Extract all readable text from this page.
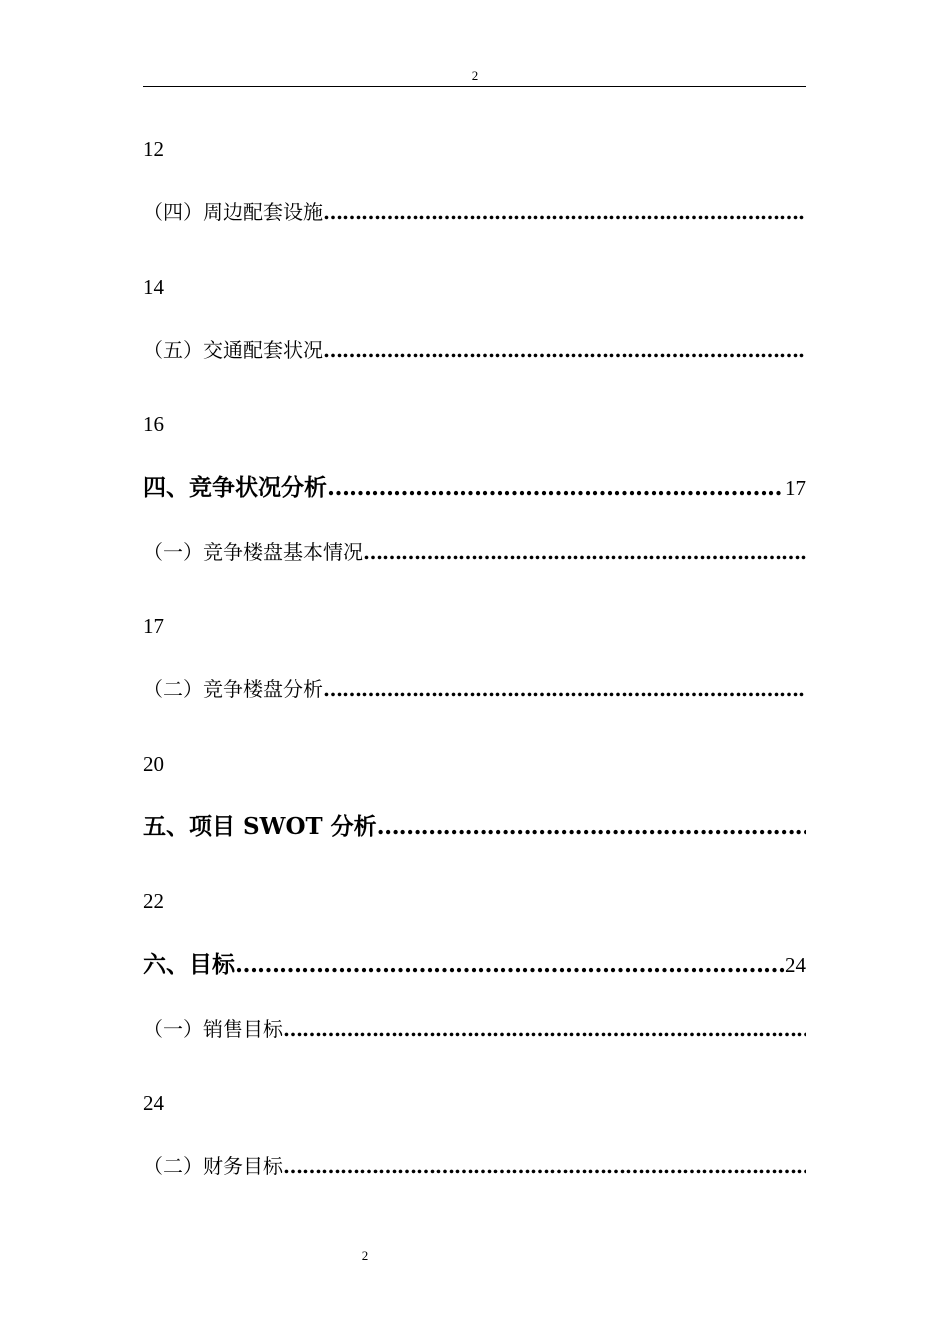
2
12
（四）周边配套设施
…………………………………………………………………………………………………………………………
14
（五）交通配套状况
…………………………………………………………………………………………………………………………
16
四、竞争状况分析 …………………………………………………………………………………………………………………………	17
（一）竞争楼盘基本情况
…………………………………………………………………………………………………………………………
17
（二）竞争楼盘分析
…………………………………………………………………………………………………………………………
20
五、项目 SWOT 分析
…………………………………………………………………………………………………………………………
22
六、目标 …………………………………………………………………………………………………………………………	24
（一）销售目标
…………………………………………………………………………………………………………………………
24
（二）财务目标
…………………………………………………………………………………………………………………………
2
